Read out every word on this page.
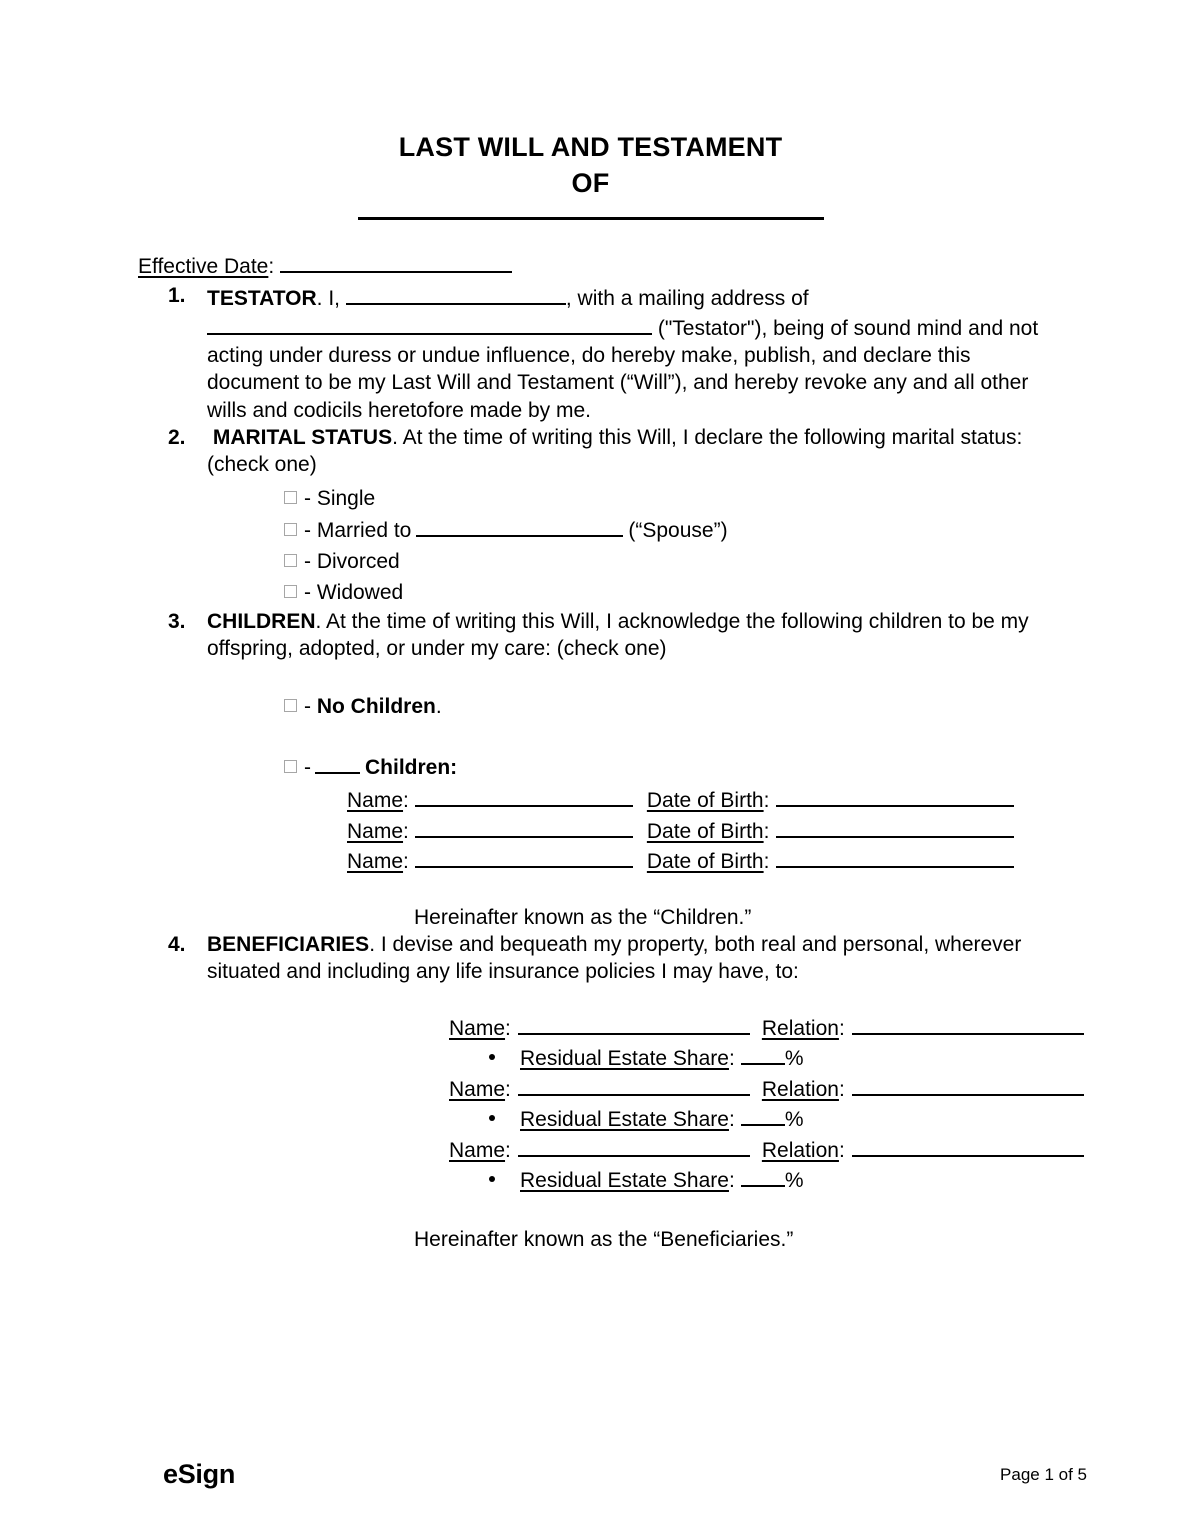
LAST WILL AND TESTAMENT
OF
Effective Date:
1. TESTATOR. I,	, with a mailing address of
("Testator"), being of sound mind and not acting under duress or undue influence, do hereby make, publish, and declare this document to be my Last Will and Testament (“Will”), and hereby revoke any and all other wills and codicils heretofore made by me.
2. MARITAL STATUS. At the time of writing this Will, I declare the following marital status: (check one)
- Single
- Married to	(“Spouse”)
- Divorced
- Widowed
3. CHILDREN. At the time of writing this Will, I acknowledge the following children to be my offspring, adopted, or under my care: (check one)
-
No Children .
-	Children :
Name :	Date of Birth :
Name :	Date of Birth :
Name :	Date of Birth :
Hereinafter known as the “Children.”
4. BENEFICIARIES. I devise and bequeath my property, both real and personal, wherever situated and including any life insurance policies I may have, to:
Name :	Relation :
Residual Estate Share : %
Name :	Relation :
Residual Estate Share : %
Name :	Relation :
Residual Estate Share : %
Hereinafter known as the “Beneficiaries.”
eSign	Page 1 of 5
